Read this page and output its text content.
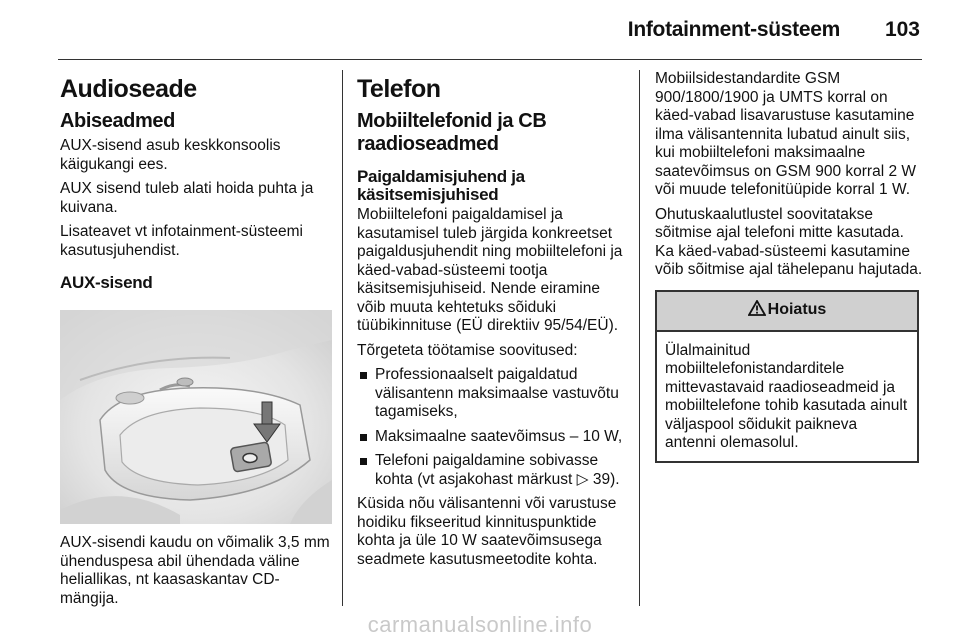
Infotainment-süsteem 103
Audioseade
Abiseadmed

AUX-sisend asub keskkonsoolis käigukangi ees.

AUX sisend tuleb alati hoida puhta ja kuivana.

Lisateavet vt infotainment-süsteemi kasutusjuhendist.

AUX-sisend

AUX-sisendi kaudu on võimalik 3,5 mm ühenduspesa abil ühendada väline heliallikas, nt kaasaskantav CD-mängija.

Telefon
Mobiiltelefonid ja CB raadioseadmed
Paigaldamisjuhend ja käsitsemisjuhised

Mobiiltelefoni paigaldamisel ja kasutamisel tuleb järgida konkreetset paigaldusjuhendit ning mobiiltelefoni ja käed-vabad-süsteemi tootja käsitsemisjuhiseid. Nende eiramine võib muuta kehtetuks sõiduki tüübikinnituse (EÜ direktiiv 95/54/EÜ).

Tõrgeteta töötamise soovitused:

Professionaalselt paigaldatud välisantenn maksimaalse vastuvõtu tagamiseks,
Maksimaalne saatevõimsus – 10 W,
Telefoni paigaldamine sobivasse kohta (vt asjakohast märkust ▷ 39).

Küsida nõu välisantenni või varustuse hoidiku fikseeritud kinnituspunktide kohta ja üle 10 W saatevõimsusega seadmete kasutusmeetodite kohta.

Mobiilsidestandardite GSM 900/1800/1900 ja UMTS korral on käed-vabad lisavarustuse kasutamine ilma välisantennita lubatud ainult siis, kui mobiiltelefoni maksimaalne saatevõimsus on GSM 900 korral 2 W või muude telefonitüüpide korral 1 W.

Ohutuskaalutlustel soovitatakse sõitmise ajal telefoni mitte kasutada. Ka käed-vabad-süsteemi kasutamine võib sõitmise ajal tähelepanu hajutada.

Hoiatus

Ülalmainitud mobiiltelefonistandarditele mittevastavaid raadioseadmeid ja mobiiltelefone tohib kasutada ainult väljaspool sõidukit paikneva antenni olemasolul.

carmanualsonline.info
